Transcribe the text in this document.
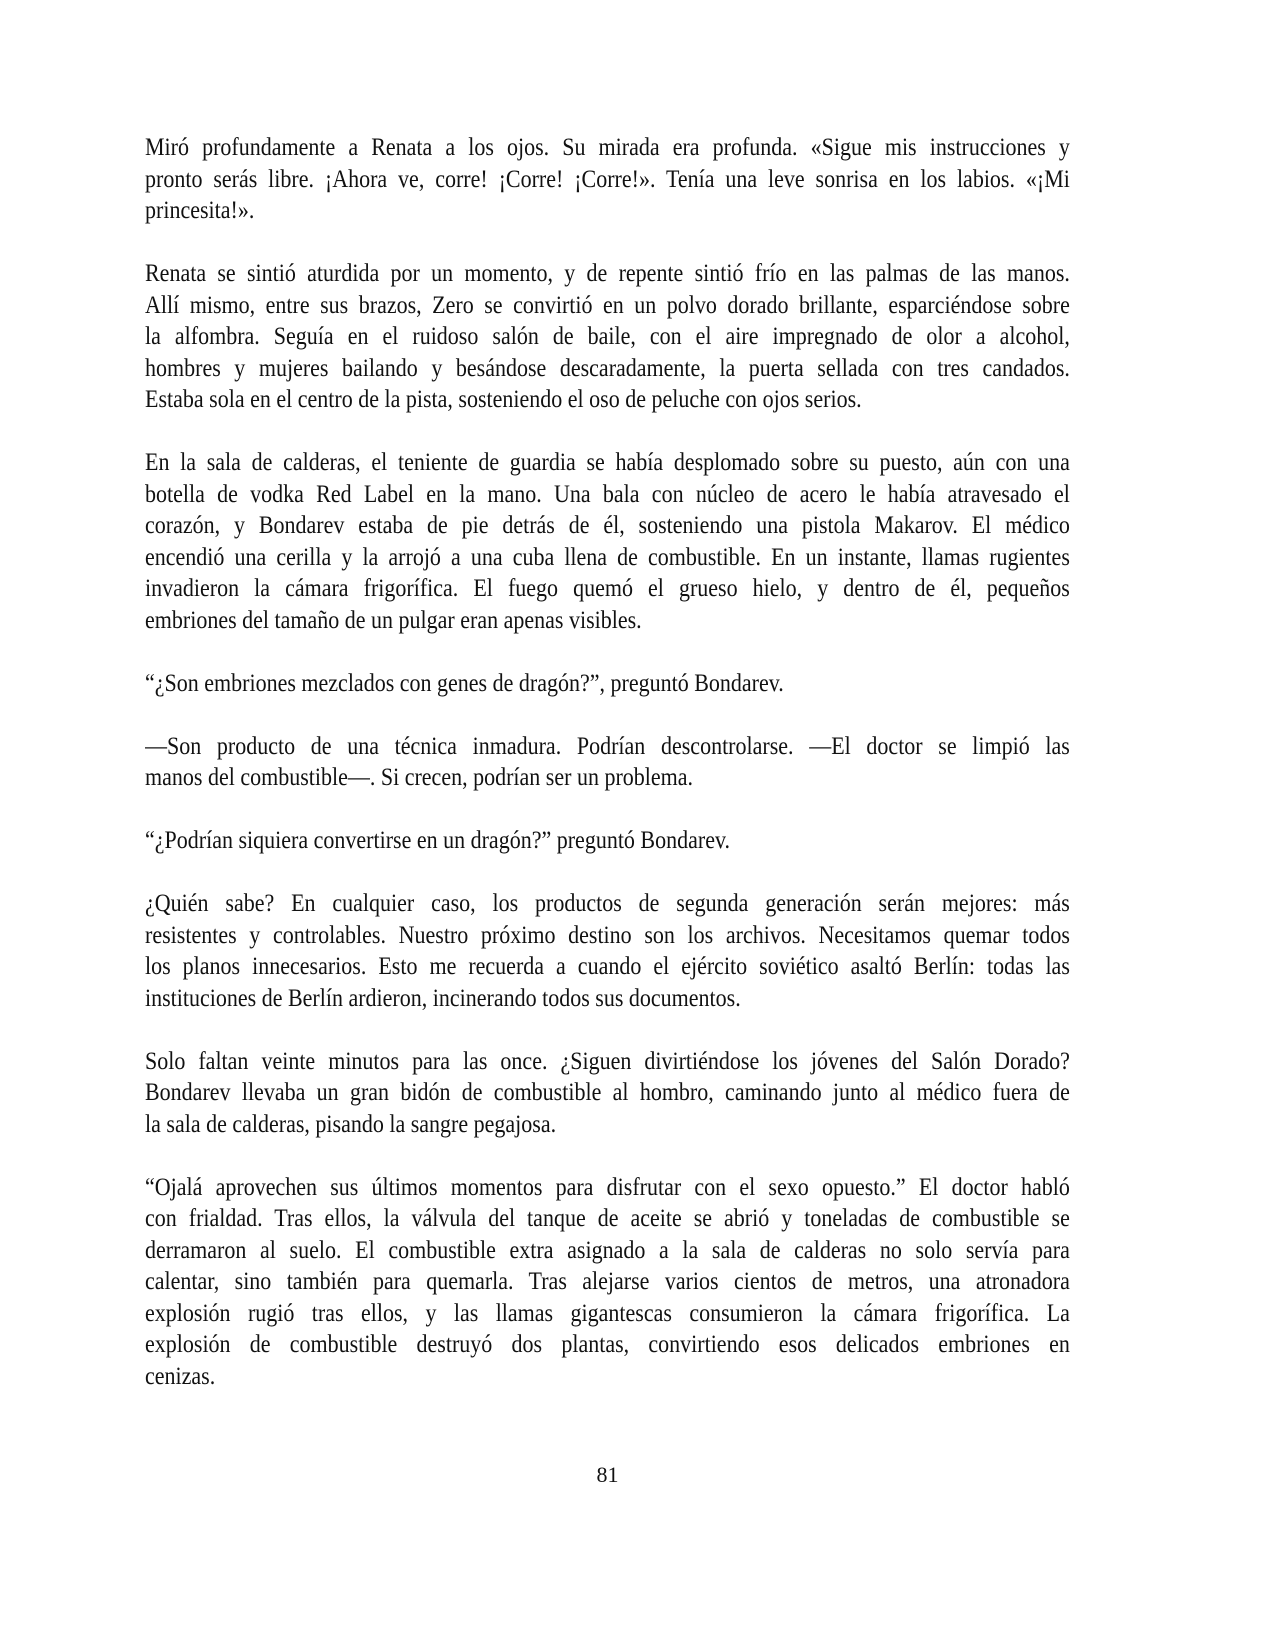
Miró profundamente a Renata a los ojos. Su mirada era profunda. «Sigue mis instrucciones y
pronto serás libre. ¡Ahora ve, corre! ¡Corre! ¡Corre!». Tenía una leve sonrisa en los labios. «¡Mi
princesita!».
Renata se sintió aturdida por un momento, y de repente sintió frío en las palmas de las manos.
Allí mismo, entre sus brazos, Zero se convirtió en un polvo dorado brillante, esparciéndose sobre
la alfombra. Seguía en el ruidoso salón de baile, con el aire impregnado de olor a alcohol,
hombres y mujeres bailando y besándose descaradamente, la puerta sellada con tres candados.
Estaba sola en el centro de la pista, sosteniendo el oso de peluche con ojos serios.
En la sala de calderas, el teniente de guardia se había desplomado sobre su puesto, aún con una
botella de vodka Red Label en la mano. Una bala con núcleo de acero le había atravesado el
corazón, y Bondarev estaba de pie detrás de él, sosteniendo una pistola Makarov. El médico
encendió una cerilla y la arrojó a una cuba llena de combustible. En un instante, llamas rugientes
invadieron la cámara frigorífica. El fuego quemó el grueso hielo, y dentro de él, pequeños
embriones del tamaño de un pulgar eran apenas visibles.
“¿Son embriones mezclados con genes de dragón?”, preguntó Bondarev.
—Son producto de una técnica inmadura. Podrían descontrolarse. —El doctor se limpió las
manos del combustible—. Si crecen, podrían ser un problema.
“¿Podrían siquiera convertirse en un dragón?” preguntó Bondarev.
¿Quién sabe? En cualquier caso, los productos de segunda generación serán mejores: más
resistentes y controlables. Nuestro próximo destino son los archivos. Necesitamos quemar todos
los planos innecesarios. Esto me recuerda a cuando el ejército soviético asaltó Berlín: todas las
instituciones de Berlín ardieron, incinerando todos sus documentos.
Solo faltan veinte minutos para las once. ¿Siguen divirtiéndose los jóvenes del Salón Dorado?
Bondarev llevaba un gran bidón de combustible al hombro, caminando junto al médico fuera de
la sala de calderas, pisando la sangre pegajosa.
“Ojalá aprovechen sus últimos momentos para disfrutar con el sexo opuesto.” El doctor habló
con frialdad. Tras ellos, la válvula del tanque de aceite se abrió y toneladas de combustible se
derramaron al suelo. El combustible extra asignado a la sala de calderas no solo servía para
calentar, sino también para quemarla. Tras alejarse varios cientos de metros, una atronadora
explosión rugió tras ellos, y las llamas gigantescas consumieron la cámara frigorífica. La
explosión de combustible destruyó dos plantas, convirtiendo esos delicados embriones en
cenizas.
81
